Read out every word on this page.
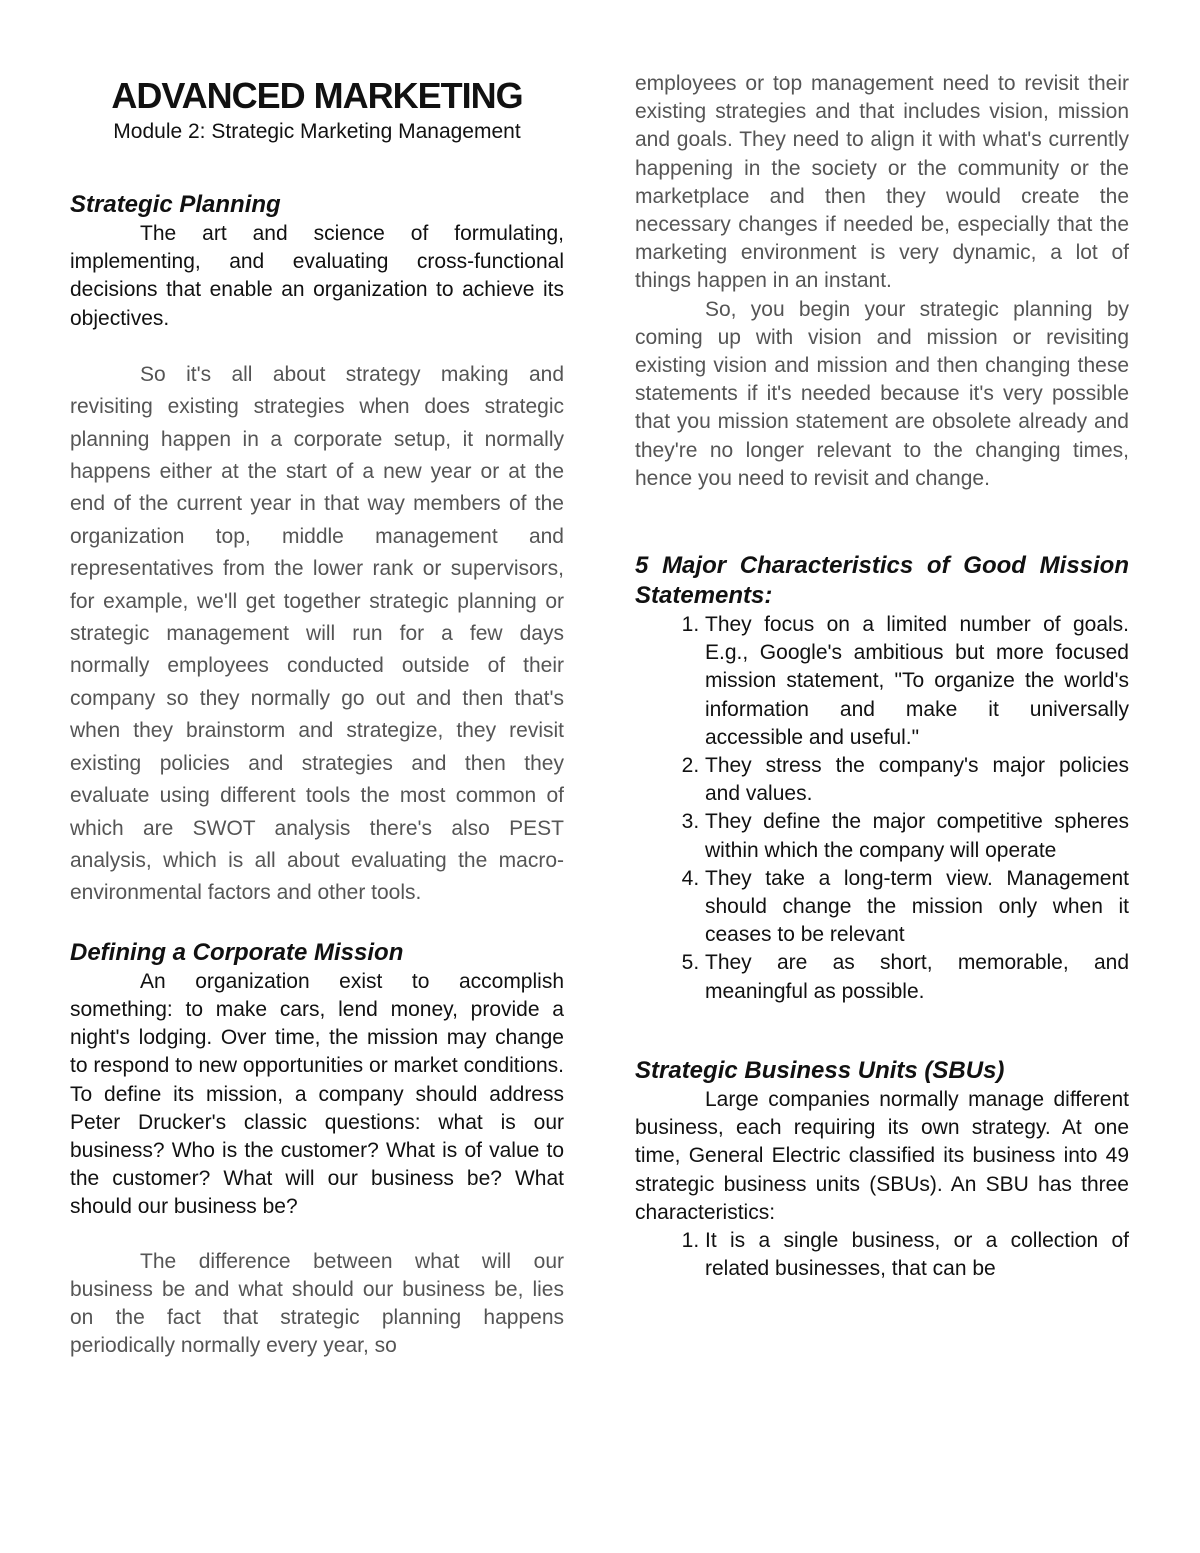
ADVANCED MARKETING
Module 2: Strategic Marketing Management
Strategic Planning

The art and science of formulating, implementing, and evaluating cross-functional decisions that enable an organization to achieve its objectives.

So it's all about strategy making and revisiting existing strategies when does strategic planning happen in a corporate setup, it normally happens either at the start of a new year or at the end of the current year in that way members of the organization top, middle management and representatives from the lower rank or supervisors, for example, we'll get together strategic planning or strategic management will run for a few days normally employees conducted outside of their company so they normally go out and then that's when they brainstorm and strategize, they revisit existing policies and strategies and then they evaluate using different tools the most common of which are SWOT analysis there's also PEST analysis, which is all about evaluating the macro-environmental factors and other tools.

Defining a Corporate Mission

An organization exist to accomplish something: to make cars, lend money, provide a night's lodging. Over time, the mission may change to respond to new opportunities or market conditions. To define its mission, a company should address Peter Drucker's classic questions: what is our business? Who is the customer? What is of value to the customer? What will our business be? What should our business be?

The difference between what will our business be and what should our business be, lies on the fact that strategic planning happens periodically normally every year, so

employees or top management need to revisit their existing strategies and that includes vision, mission and goals. They need to align it with what's currently happening in the society or the community or the marketplace and then they would create the necessary changes if needed be, especially that the marketing environment is very dynamic, a lot of things happen in an instant.

So, you begin your strategic planning by coming up with vision and mission or revisiting existing vision and mission and then changing these statements if it's needed because it's very possible that you mission statement are obsolete already and they're no longer relevant to the changing times, hence you need to revisit and change.

5 Major Characteristics of Good Mission Statements:
1. They focus on a limited number of goals. E.g., Google's ambitious but more focused mission statement, "To organize the world's information and make it universally accessible and useful."
2. They stress the company's major policies and values.
3. They define the major competitive spheres within which the company will operate
4. They take a long-term view. Management should change the mission only when it ceases to be relevant
5. They are as short, memorable, and meaningful as possible.
Strategic Business Units (SBUs)

Large companies normally manage different business, each requiring its own strategy. At one time, General Electric classified its business into 49 strategic business units (SBUs). An SBU has three characteristics:

1. It is a single business, or a collection of related businesses, that can be
